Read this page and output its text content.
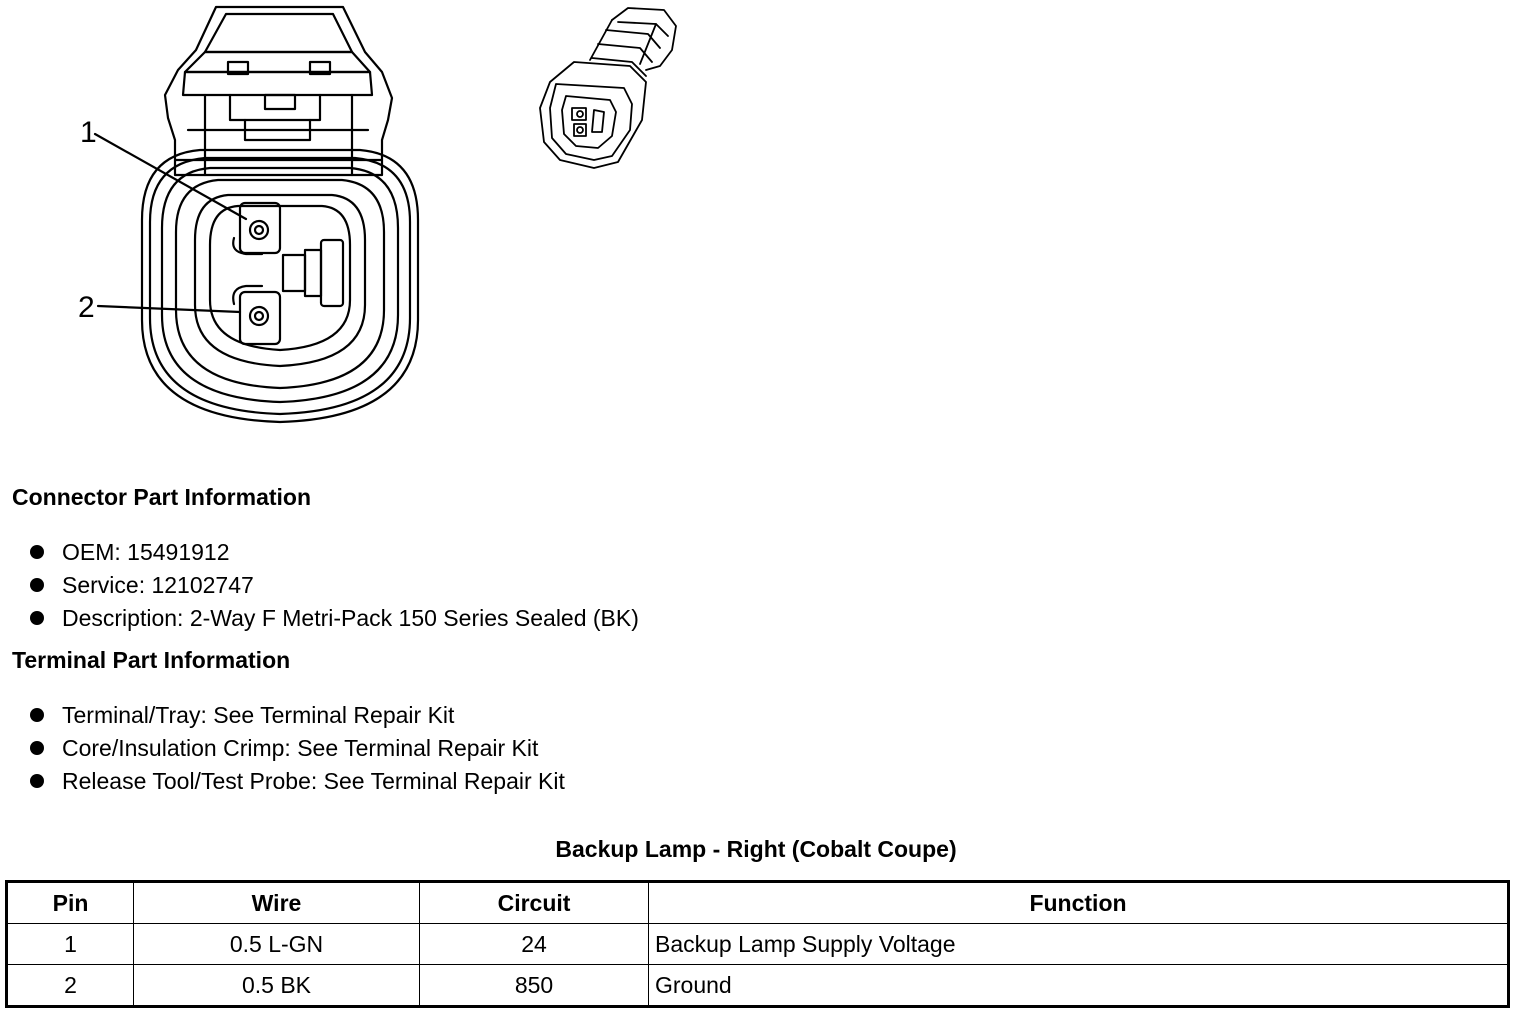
1
2
Connector Part Information
OEM: 15491912
Service: 12102747
Description: 2-Way F Metri-Pack 150 Series Sealed (BK)
Terminal Part Information
Terminal/Tray: See Terminal Repair Kit
Core/Insulation Crimp: See Terminal Repair Kit
Release Tool/Test Probe: See Terminal Repair Kit
Backup Lamp - Right (Cobalt Coupe)
Pin	Wire	Circuit	Function
1	0.5 L-GN	24	Backup Lamp Supply Voltage
2	0.5 BK	850	Ground
